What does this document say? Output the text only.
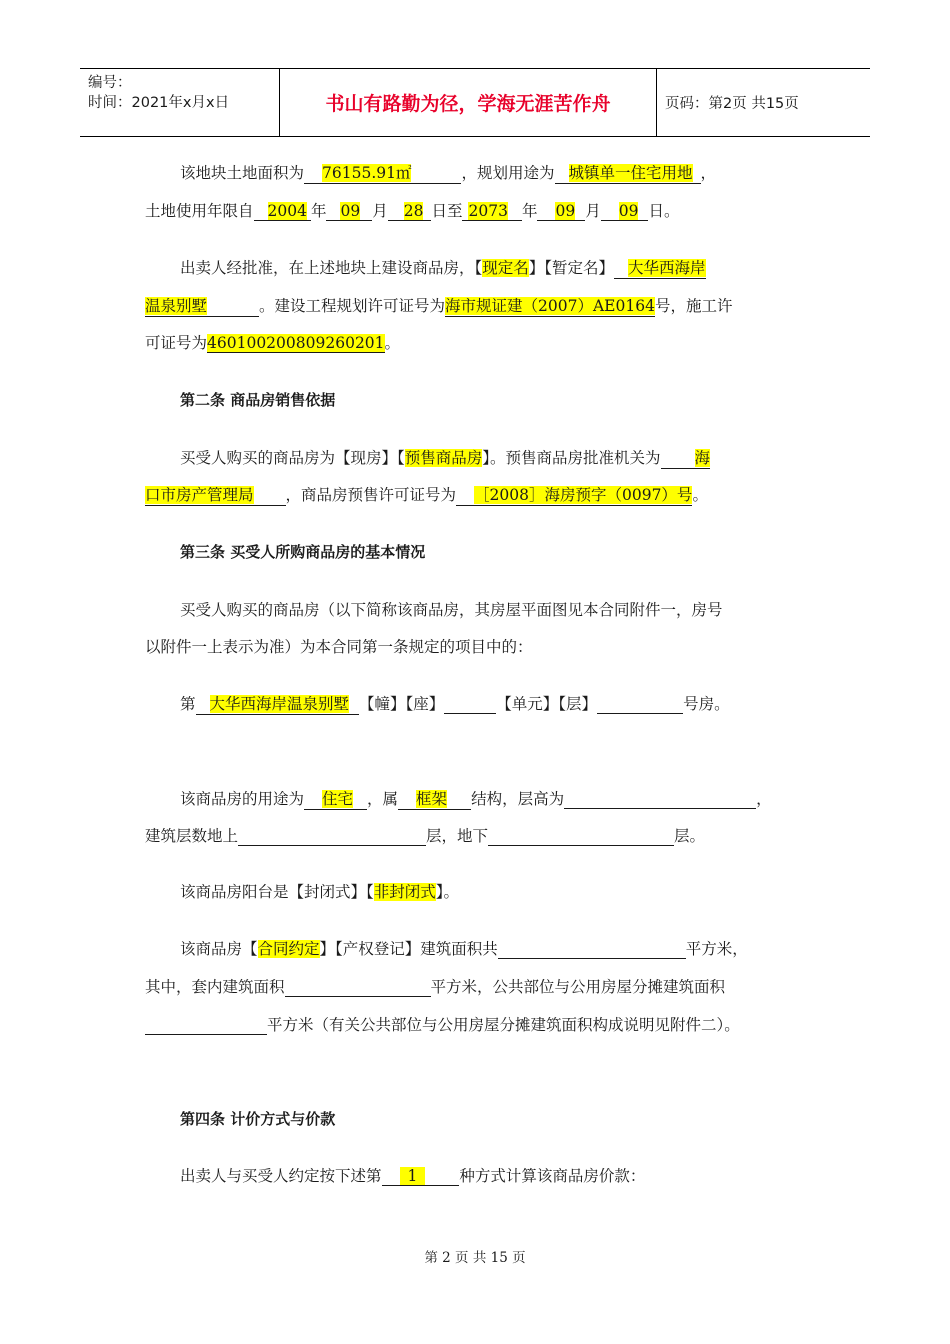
编号：
时间：2021年x月x日	书山有路勤为径，学海无涯苦作舟	页码：第2页 共15页
该地块土地面积为 76155.91㎡	，规划用途为 城镇单一住宅用地 ，
土地使用年限自 2004 年 09 月 28 日至 2073 年 09 月 09 日。
出卖人经批准，在上述地块上建设商品房，【现定名】【暂定名】 大华西海岸
温泉别墅	。建设工程规划许可证号为海市规证建（2007）AE0164号，施工许
可证号为460100200809260201。
第二条 商品房销售依据
买受人购买的商品房为【现房】【预售商品房】。预售商品房批准机关为 海
口市房产管理局 ，商品房预售许可证号为 ［2008］海房预字（0097）号。
第三条 买受人所购商品房的基本情况
买受人购买的商品房（以下简称该商品房，其房屋平面图见本合同附件一，房号
以附件一上表示为准）为本合同第一条规定的项目中的：
第 大华西海岸温泉别墅 【幢】【座】	【单元】【层】	号房。
该商品房的用途为 住宅 ，属 框架 结构，层高为	，
建筑层数地上	层，地下	层。
该商品房阳台是【封闭式】【非封闭式】。
该商品房【合同约定】【产权登记】建筑面积共	平方米，
其中，套内建筑面积	平方米，公共部位与公用房屋分摊建筑面积
平方米（有关公共部位与公用房屋分摊建筑面积构成说明见附件二）。
第四条 计价方式与价款
出卖人与买受人约定按下述第 1	种方式计算该商品房价款：
第 2 页 共 15 页
